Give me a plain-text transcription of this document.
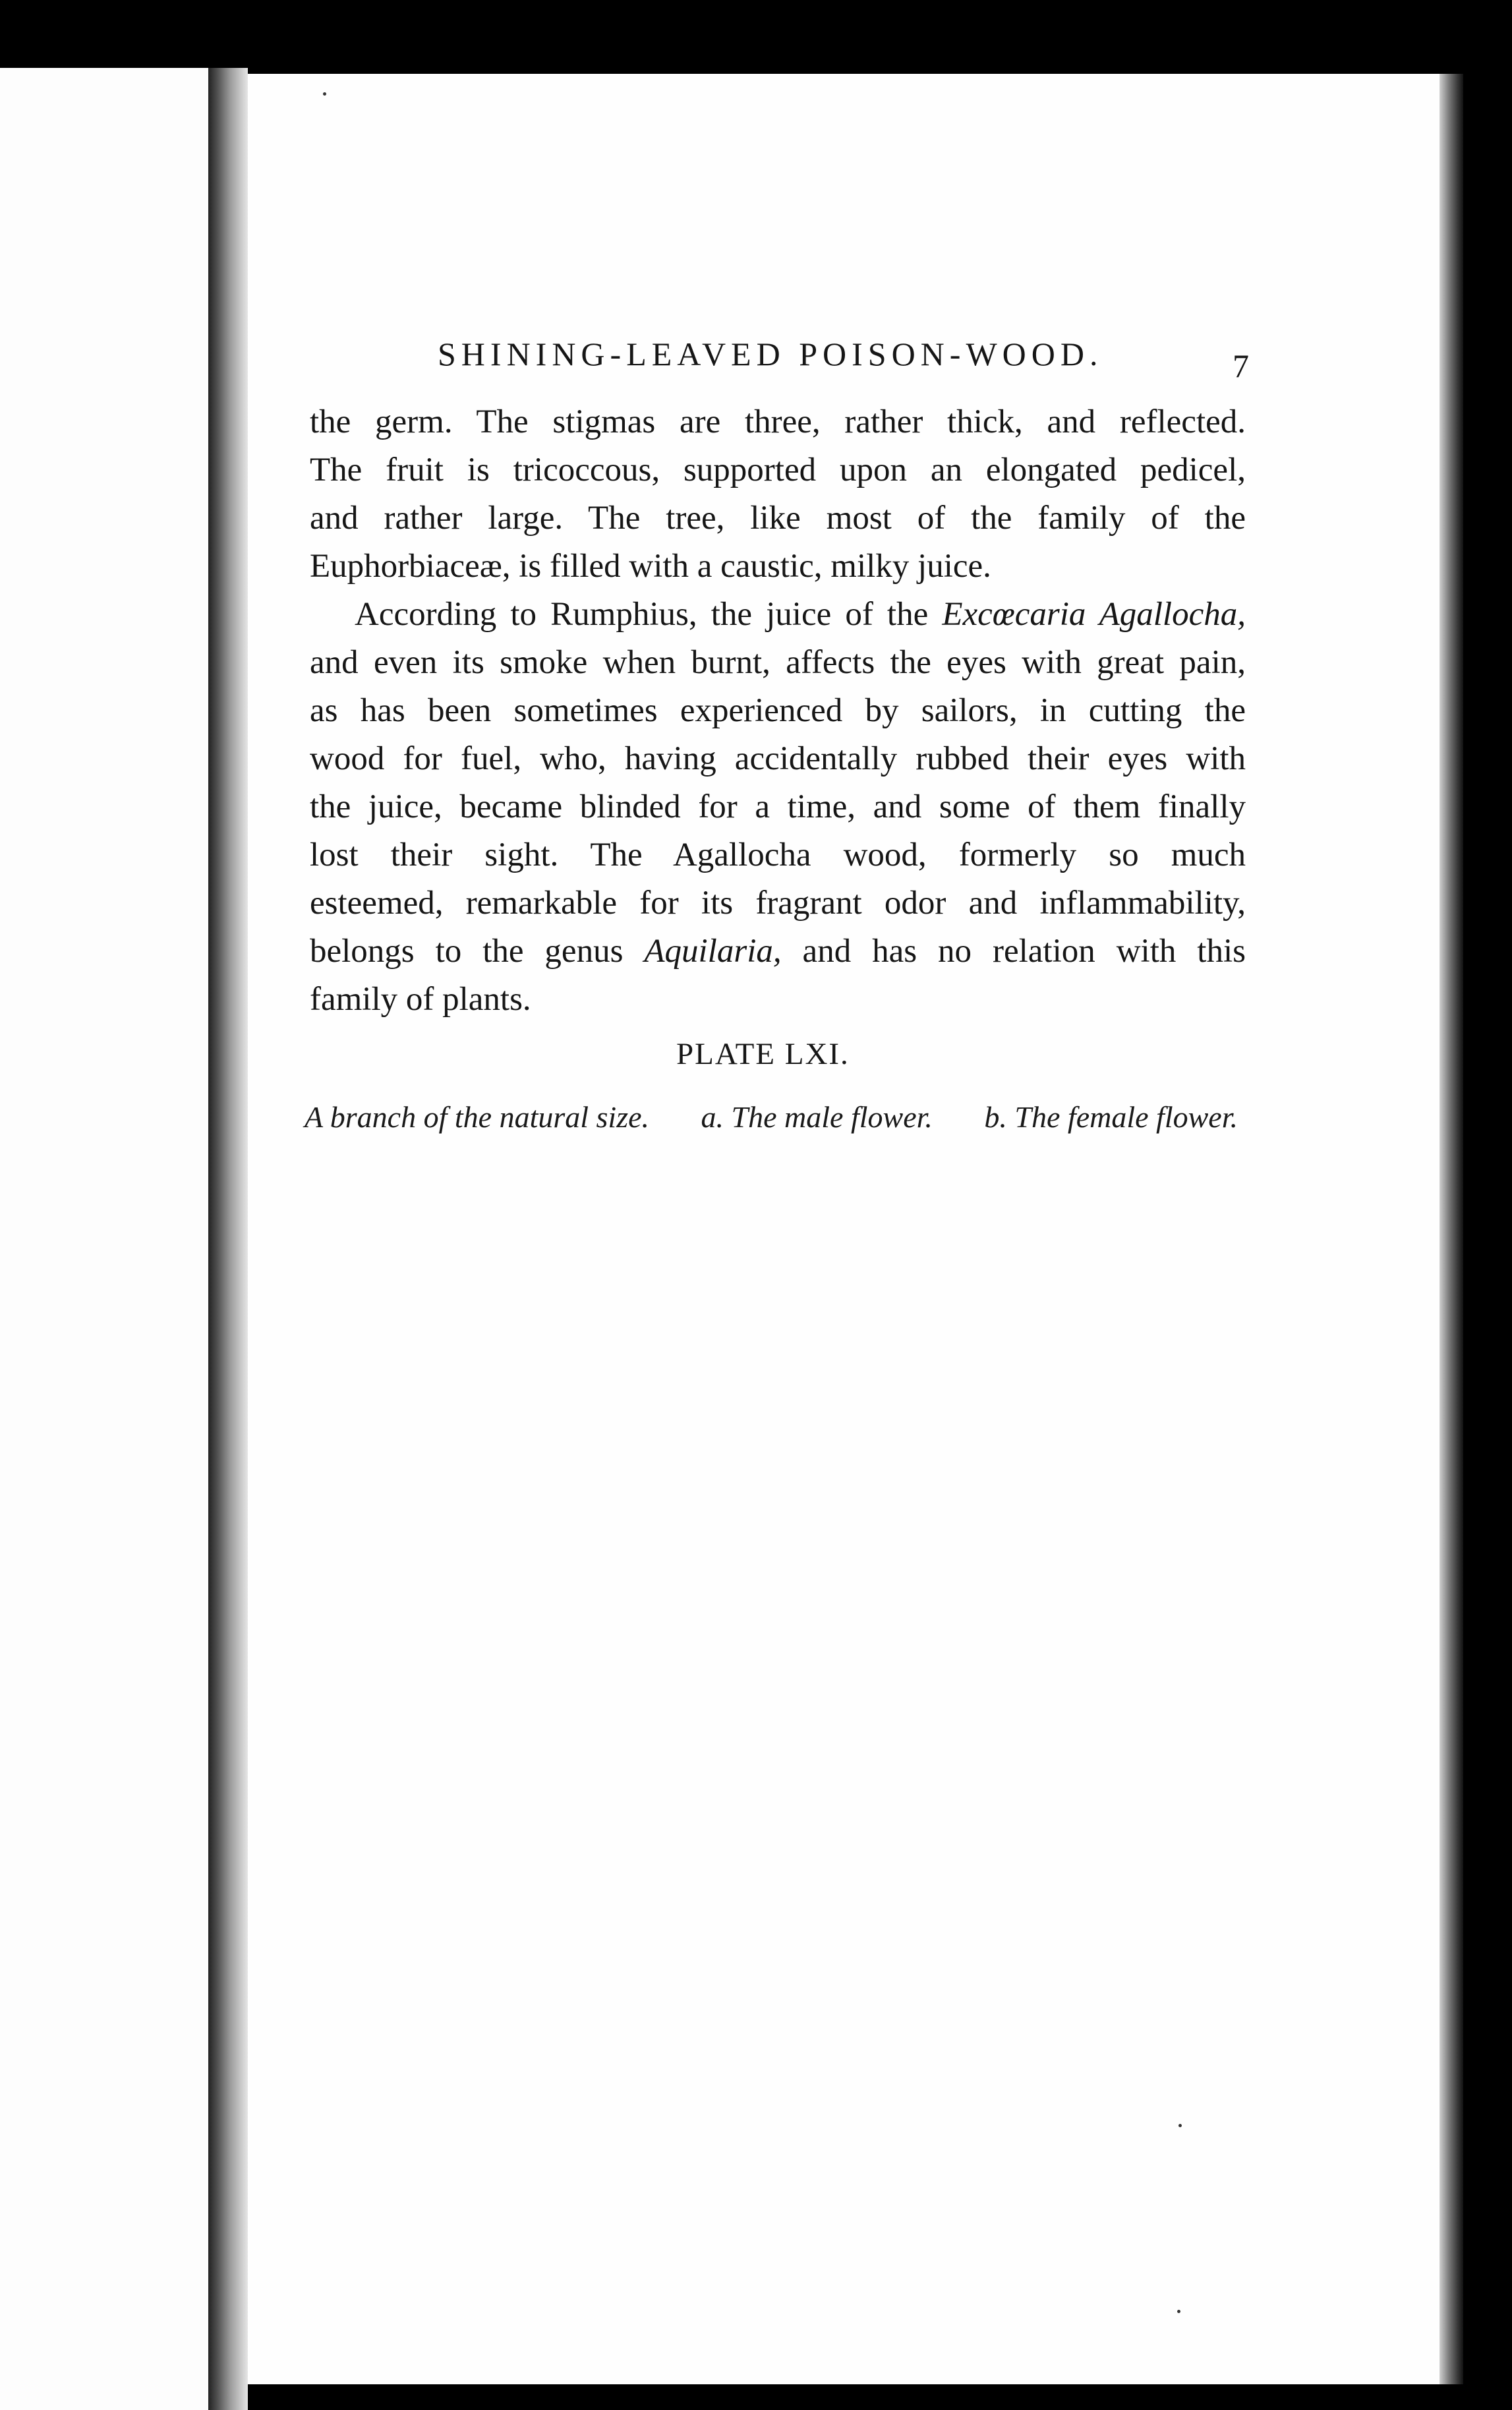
SHINING-LEAVED POISON-WOOD.	7
the germ. The stigmas are three, rather thick, and reflected.
The fruit is tricoccous, supported upon an elongated pedicel,
and rather large. The tree, like most of the family of the
Euphorbiaceæ, is filled with a caustic, milky juice.
According to Rumphius, the juice of the Excœcaria Agallocha,
and even its smoke when burnt, affects the eyes with great pain,
as has been sometimes experienced by sailors, in cutting the
wood for fuel, who, having accidentally rubbed their eyes with
the juice, became blinded for a time, and some of them finally
lost their sight. The Agallocha wood, formerly so much
esteemed, remarkable for its fragrant odor and inflammability,
belongs to the genus Aquilaria, and has no relation with this
family of plants.
PLATE LXI.
A branch of the natural size. a. The male flower. b. The female flower.
